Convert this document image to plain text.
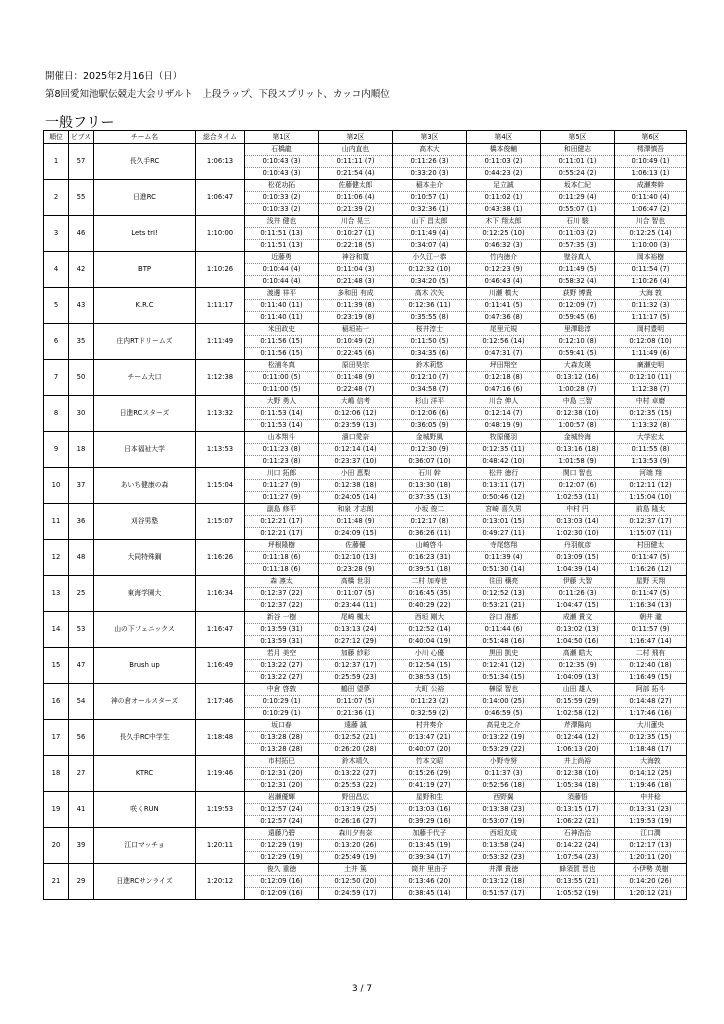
開催日：2025年2月16日（日）
第8回愛知池駅伝競走大会リザルト　上段ラップ、下段スプリット、カッコ内順位
一般フリー
順位	ビブス	チーム名	総合タイム	第1区	第2区	第3区	第4区	第5区	第6区
1	57	長久手RC	1:06:13	石橋龍	山内直也	高木大	橋本俊輔	和田健志	樗澤慎吾
				0:10:43 (3)	0:11:11 (7)	0:11:26 (3)	0:11:03 (2)	0:11:01 (1)	0:10:49 (1)
				0:10:43 (3)	0:21:54 (4)	0:33:20 (3)	0:44:23 (2)	0:55:24 (2)	1:06:13 (1)
2	55	日進RC	1:06:47	松花功拓	佐藤健太郎	稲本圭介	足立誠	坂本仁紀	成瀬奏幹
				0:10:33 (2)	0:11:06 (4)	0:10:57 (1)	0:11:02 (1)	0:11:29 (4)	0:11:40 (4)
				0:10:33 (2)	0:21:39 (2)	0:32:36 (1)	0:43:38 (1)	0:55:07 (1)	1:06:47 (2)
3	46	Lets trI!	1:10:00	浅井 健也	川合 晃三	山下 昌太郎	木下 翔太郎	石川 駿	川合 智也
				0:11:51 (13)	0:10:27 (1)	0:11:49 (4)	0:12:25 (10)	0:11:03 (2)	0:12:25 (14)
				0:11:51 (13)	0:22:18 (5)	0:34:07 (4)	0:46:32 (3)	0:57:35 (3)	1:10:00 (3)
4	42	BTP	1:10:26	近藤勇	神谷和寛	小久江一恭	竹内徳介	壁谷真人	岡本裕樹
				0:10:44 (4)	0:11:04 (3)	0:12:32 (10)	0:12:23 (9)	0:11:49 (5)	0:11:54 (7)
				0:10:44 (4)	0:21:48 (3)	0:34:20 (5)	0:46:43 (4)	0:58:32 (4)	1:10:26 (4)
5	43	K.R.C	1:11:17	渡邊 祥平	多和田 有成	高木 次矢	川瀬 槙大	荻野 博貴	大海 敦
				0:11:40 (11)	0:11:39 (8)	0:12:36 (11)	0:11:41 (5)	0:12:09 (7)	0:11:32 (3)
				0:11:40 (11)	0:23:19 (8)	0:35:55 (8)	0:47:36 (8)	0:59:45 (6)	1:11:17 (5)
6	35	庄内RTドリームズ	1:11:49	米田政史	稲垣祐一	桜井淳士	尾里元規	里澤聡淳	岡村豊明
				0:11:56 (15)	0:10:49 (2)	0:11:50 (5)	0:12:56 (14)	0:12:10 (8)	0:12:08 (10)
				0:11:56 (15)	0:22:45 (6)	0:34:35 (6)	0:47:31 (7)	0:59:41 (5)	1:11:49 (6)
7	50	チーム大口	1:12:38	松浦冬真	原田昊宗	鈴木莉悠	坪田翔空	大森友瑛	廣瀬史明
				0:11:00 (5)	0:11:48 (9)	0:12:10 (7)	0:12:18 (8)	0:13:12 (16)	0:12:10 (11)
				0:11:00 (5)	0:22:48 (7)	0:34:58 (7)	0:47:16 (6)	1:00:28 (7)	1:12:38 (7)
8	30	日進RCスターズ	1:13:32	大野 勇人	大嶋 信考	杉山 洋平	川合 伸人	中島 三智	中村 卓磨
				0:11:53 (14)	0:12:06 (12)	0:12:06 (6)	0:12:14 (7)	0:12:38 (10)	0:12:35 (15)
				0:11:53 (14)	0:23:59 (13)	0:36:05 (9)	0:48:19 (9)	1:00:57 (8)	1:13:32 (8)
9	18	日本福祉大学	1:13:53	山本翔斗	濱口愛奈	金城野風	牧原優羽	金城怜海	大学宏太
				0:11:23 (8)	0:12:14 (14)	0:12:30 (9)	0:12:35 (11)	0:13:16 (18)	0:11:55 (8)
				0:11:23 (8)	0:23:37 (10)	0:36:07 (10)	0:48:42 (10)	1:01:58 (9)	1:13:53 (9)
10	37	あいち健康の森	1:15:04	川口 拓郎	小田 恵梨	石川 幹	松井 徳行	関口 智也	河端 翔
				0:11:27 (9)	0:12:38 (18)	0:13:30 (18)	0:13:11 (17)	0:12:07 (6)	0:12:11 (12)
				0:11:27 (9)	0:24:05 (14)	0:37:35 (13)	0:50:46 (12)	1:02:53 (11)	1:15:04 (10)
11	36	刈谷男塾	1:15:07	副島 修平	和泉 才志朗	小坂 俊二	宮崎 喜久男	中村 円	前島 隆太
				0:12:21 (17)	0:11:48 (9)	0:12:17 (8)	0:13:01 (15)	0:13:03 (14)	0:12:37 (17)
				0:12:21 (17)	0:24:09 (15)	0:36:26 (11)	0:49:27 (11)	1:02:30 (10)	1:15:07 (11)
12	48	大同特殊鋼	1:16:26	坪根隆樹	佐藤優	山崎啓斗	寺尾悠翔	丹羽航彦	村田健太
				0:11:18 (6)	0:12:10 (13)	0:16:23 (31)	0:11:39 (4)	0:13:09 (15)	0:11:47 (5)
				0:11:18 (6)	0:23:28 (9)	0:39:51 (18)	0:51:30 (14)	1:04:39 (14)	1:16:26 (12)
13	25	東海学園大	1:16:34	森 凛太	高橋 世羽	二村 加寿世	住田 穣亮	伊藤 大智	星野 天翔
				0:12:37 (22)	0:11:07 (5)	0:16:45 (35)	0:12:52 (13)	0:11:26 (3)	0:11:47 (5)
				0:12:37 (22)	0:23:44 (11)	0:40:29 (22)	0:53:21 (21)	1:04:47 (15)	1:16:34 (13)
14	53	山の下フェニックス	1:16:47	新谷 一樹	尾崎 楓太	西垣 剛大	谷口 准都	成瀬 貴文	朝井 瀧
				0:13:59 (31)	0:13:13 (24)	0:12:52 (14)	0:11:44 (6)	0:13:02 (13)	0:11:57 (9)
				0:13:59 (31)	0:27:12 (29)	0:40:04 (19)	0:51:48 (16)	1:04:50 (16)	1:16:47 (14)
15	47	Brush up	1:16:49	若月 美空	加藤 紗彩	小川 心優	黒田 凱史	高瀬 皓大	二村 飛有
				0:13:22 (27)	0:12:37 (17)	0:12:54 (15)	0:12:41 (12)	0:12:35 (9)	0:12:40 (18)
				0:13:22 (27)	0:25:59 (23)	0:38:53 (15)	0:51:34 (15)	1:04:09 (13)	1:16:49 (15)
16	54	神の倉オールスターズ	1:17:46	中倉 啓敦	鶴田 望夢	大町 公裕	榊原 智也	山田 雄人	阿部 拓斗
				0:10:29 (1)	0:11:07 (5)	0:11:23 (2)	0:14:00 (25)	0:15:59 (29)	0:14:48 (27)
				0:10:29 (1)	0:21:36 (1)	0:32:59 (2)	0:46:59 (5)	1:02:58 (12)	1:17:46 (16)
17	56	長久手RC中学生	1:18:48	坂口春	遠藤 誠	村井奏介	高見史之介	芹澤陽向	大川蓮央
				0:13:28 (28)	0:12:52 (21)	0:13:47 (21)	0:13:22 (19)	0:12:44 (12)	0:12:35 (15)
				0:13:28 (28)	0:26:20 (28)	0:40:07 (20)	0:53:29 (22)	1:06:13 (20)	1:18:48 (17)
18	27	KTRC	1:19:46	市村拓巳	鈴木靖久	竹本文昭	小野寺努	井上尚裕	大海敦
				0:12:31 (20)	0:13:22 (27)	0:15:26 (29)	0:11:37 (3)	0:12:38 (10)	0:14:12 (25)
				0:12:31 (20)	0:25:53 (22)	0:41:19 (27)	0:52:56 (18)	1:05:34 (18)	1:19:46 (18)
19	41	咲くRUN	1:19:53	岩瀬優輝	野田昌広	星野和生	西野翼	須藤悟	中井稔
				0:12:57 (24)	0:13:19 (25)	0:13:03 (16)	0:13:38 (23)	0:13:15 (17)	0:13:31 (23)
				0:12:57 (24)	0:26:16 (27)	0:39:29 (16)	0:53:07 (19)	1:06:22 (21)	1:19:53 (19)
20	39	江口マッチョ	1:20:11	遠藤乃碧	森川夕有奈	加藤千代子	西垣友成	石神浩治	江口潤
				0:12:29 (19)	0:13:20 (26)	0:13:45 (19)	0:13:58 (24)	0:14:22 (24)	0:12:17 (13)
				0:12:29 (19)	0:25:49 (19)	0:39:34 (17)	0:53:32 (23)	1:07:54 (23)	1:20:11 (20)
21	29	日進RCサンライズ	1:20:12	俊久 重徳	土井 篤	筒井 里由子	井澤 貴徳	蜂須賀 晋也	小伊勢 英樹
				0:12:09 (16)	0:12:50 (20)	0:13:46 (20)	0:13:12 (18)	0:13:55 (21)	0:14:20 (26)
				0:12:09 (16)	0:24:59 (17)	0:38:45 (14)	0:51:57 (17)	1:05:52 (19)	1:20:12 (21)
3 / 7
